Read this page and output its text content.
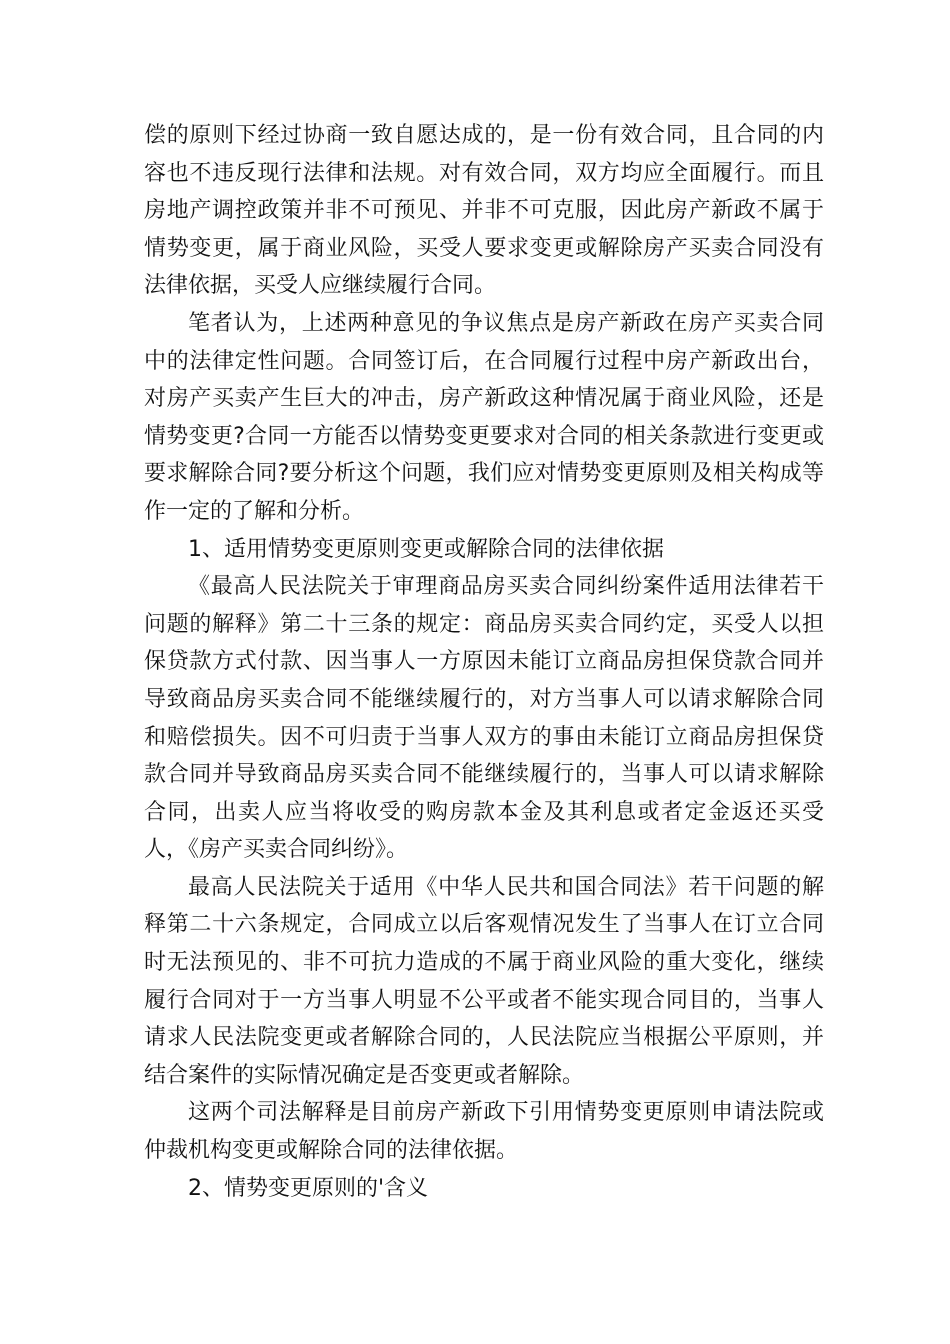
偿的原则下经过协商一致自愿达成的，是一份有效合同，且合同的内容也不违反现行法律和法规。对有效合同，双方均应全面履行。而且房地产调控政策并非不可预见、并非不可克服，因此房产新政不属于情势变更，属于商业风险，买受人要求变更或解除房产买卖合同没有法律依据，买受人应继续履行合同。

笔者认为，上述两种意见的争议焦点是房产新政在房产买卖合同中的法律定性问题。合同签订后，在合同履行过程中房产新政出台，对房产买卖产生巨大的冲击，房产新政这种情况属于商业风险，还是情势变更?合同一方能否以情势变更要求对合同的相关条款进行变更或要求解除合同?要分析这个问题，我们应对情势变更原则及相关构成等作一定的了解和分析。

1、适用情势变更原则变更或解除合同的法律依据

《最高人民法院关于审理商品房买卖合同纠纷案件适用法律若干问题的解释》第二十三条的规定：商品房买卖合同约定，买受人以担保贷款方式付款、因当事人一方原因未能订立商品房担保贷款合同并导致商品房买卖合同不能继续履行的，对方当事人可以请求解除合同和赔偿损失。因不可归责于当事人双方的事由未能订立商品房担保贷款合同并导致商品房买卖合同不能继续履行的，当事人可以请求解除合同，出卖人应当将收受的购房款本金及其利息或者定金返还买受人，《房产买卖合同纠纷》。

最高人民法院关于适用《中华人民共和国合同法》若干问题的解释第二十六条规定，合同成立以后客观情况发生了当事人在订立合同时无法预见的、非不可抗力造成的不属于商业风险的重大变化，继续履行合同对于一方当事人明显不公平或者不能实现合同目的，当事人请求人民法院变更或者解除合同的，人民法院应当根据公平原则，并结合案件的实际情况确定是否变更或者解除。

这两个司法解释是目前房产新政下引用情势变更原则申请法院或仲裁机构变更或解除合同的法律依据。

2、情势变更原则的'含义
